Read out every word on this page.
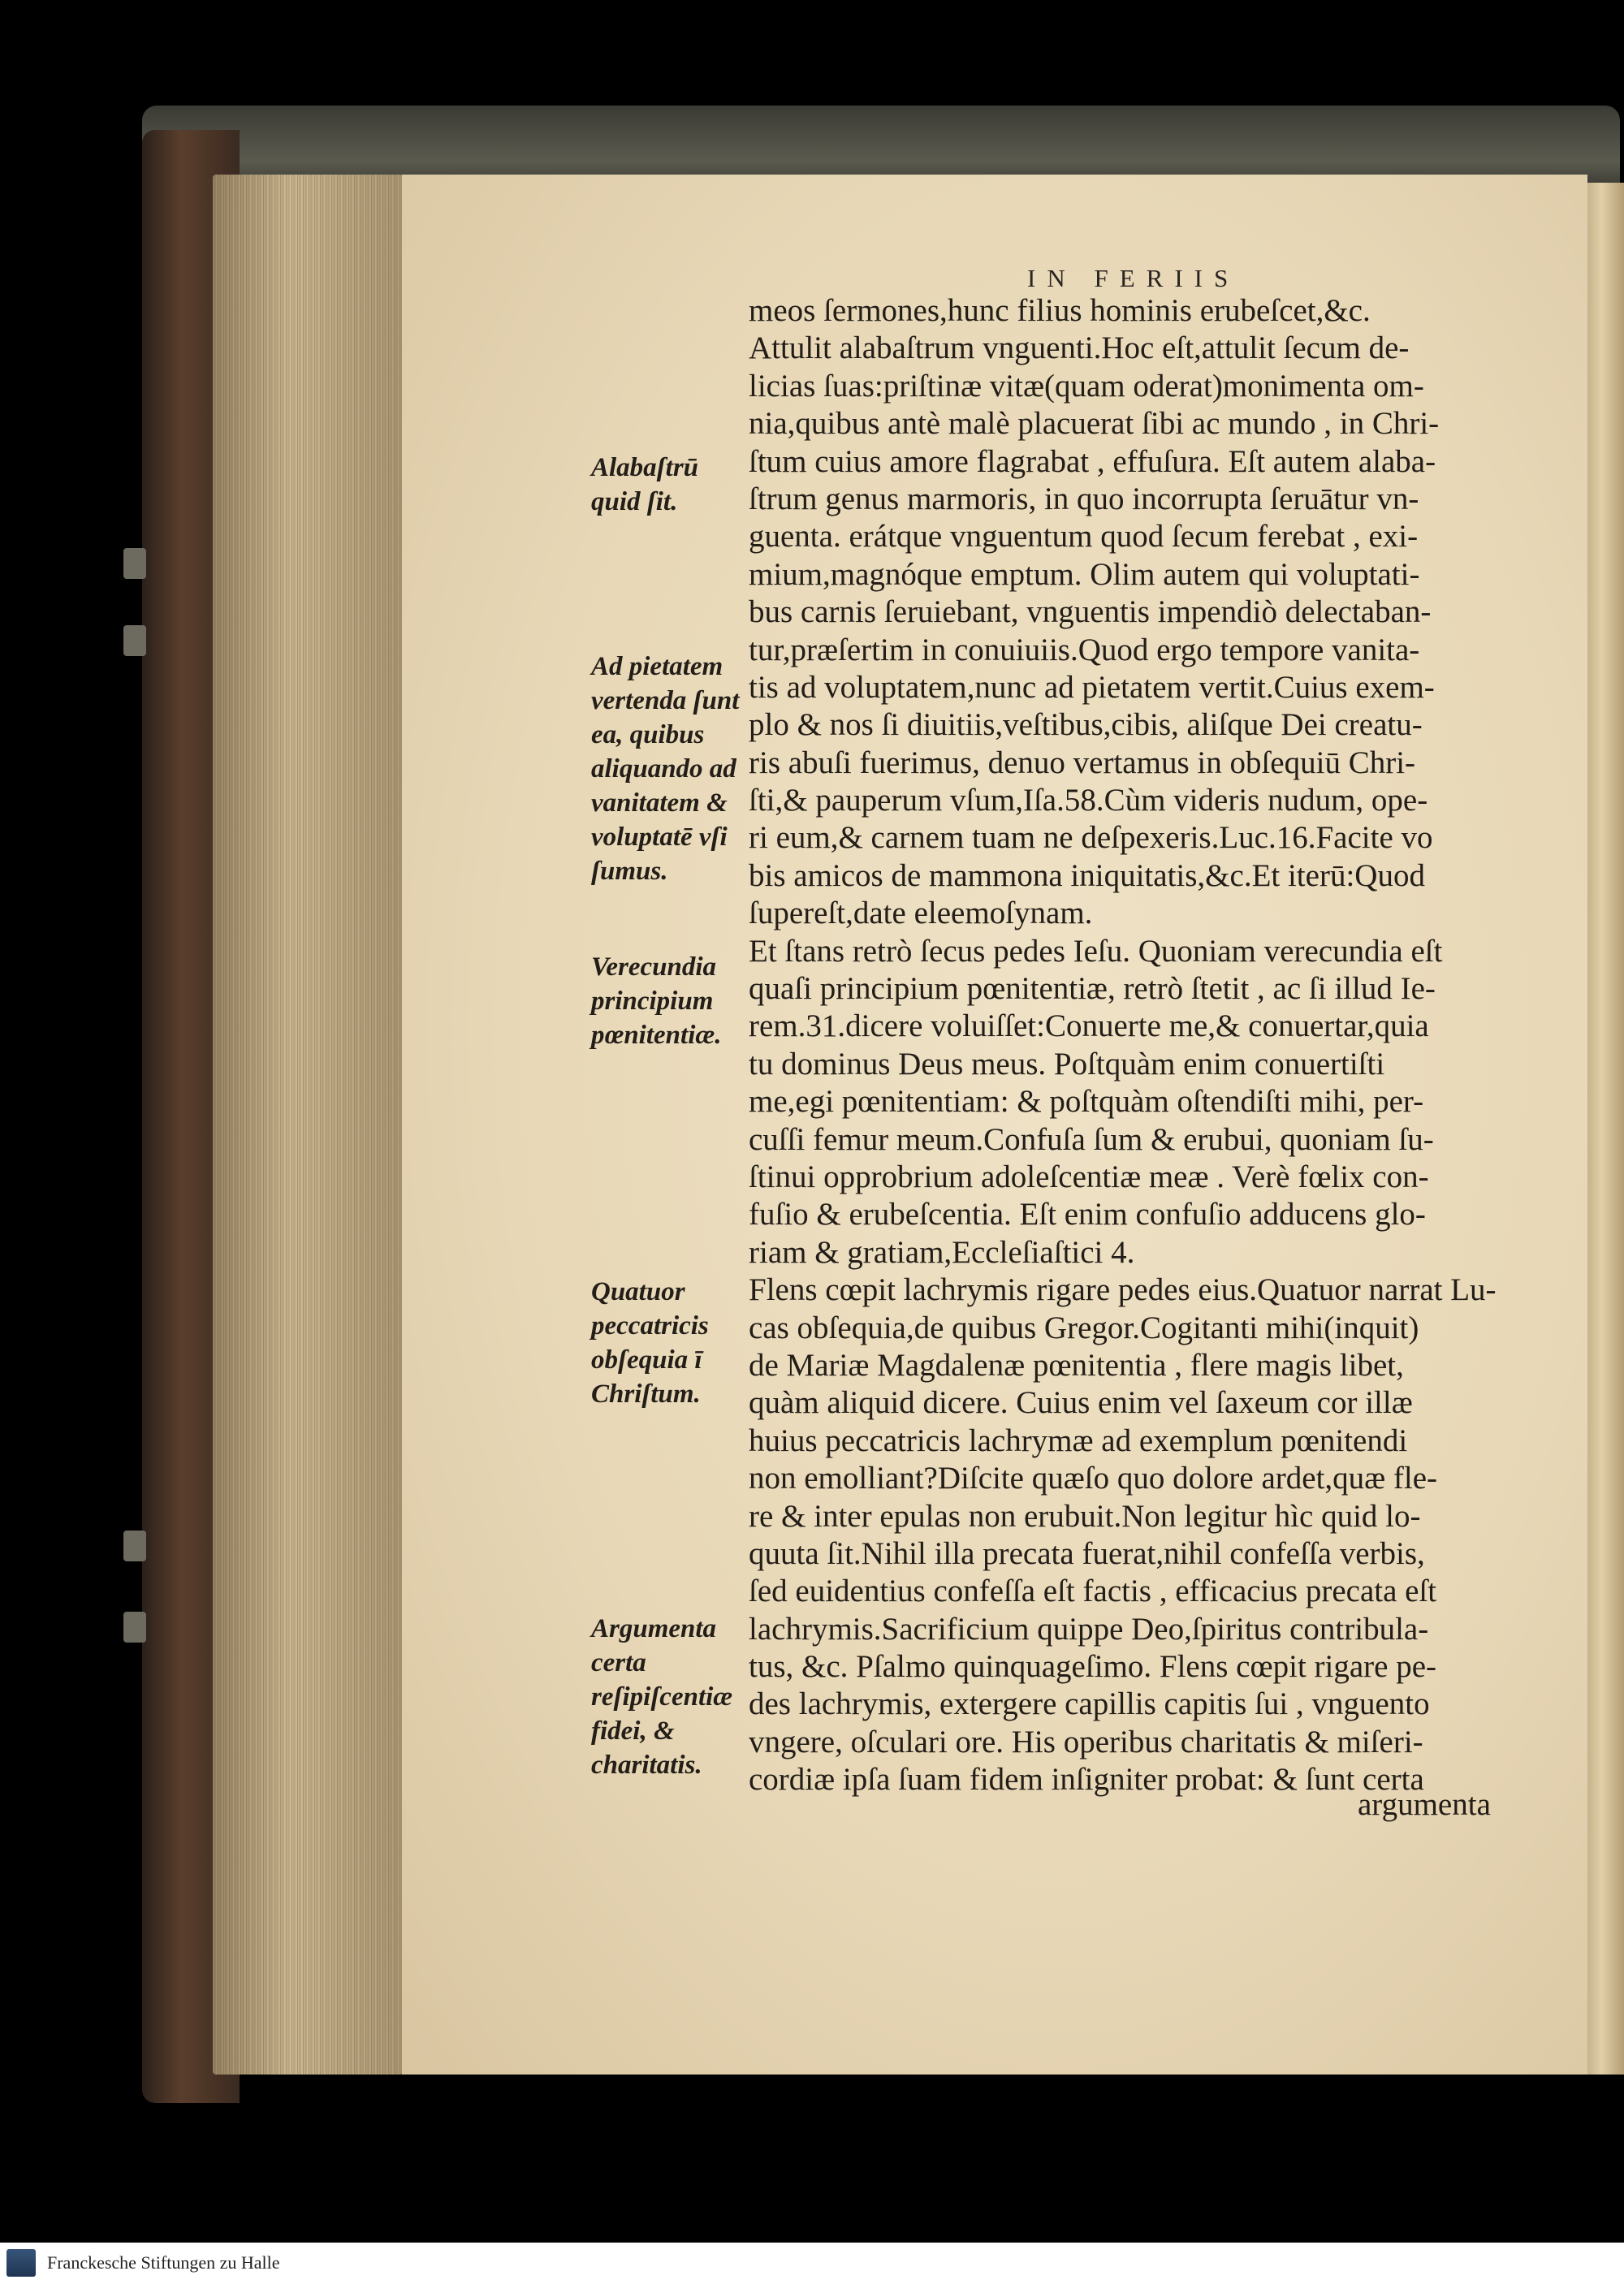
IN FERIIS
meos ſermones,hunc filius hominis erubeſcet,&c.
Attulit alabaſtrum vnguenti.Hoc eſt,attulit ſecum de-
licias ſuas:priſtinæ vitæ(quam oderat)monimenta om-
nia,quibus antè malè placuerat ſibi ac mundo , in Chri-
ſtum cuius amore flagrabat , effuſura. Eſt autem alaba-
ſtrum genus marmoris, in quo incorrupta ſeruātur vn-
guenta. erátque vnguentum quod ſecum ferebat , exi-
mium,magnóque emptum. Olim autem qui voluptati-
bus carnis ſeruiebant, vnguentis impendiò delectaban-
tur,præſertim in conuiuiis.Quod ergo tempore vanita-
tis ad voluptatem,nunc ad pietatem vertit.Cuius exem-
plo & nos ſi diuitiis,veſtibus,cibis, aliſque Dei creatu-
ris abuſi fuerimus, denuo vertamus in obſequiū Chri-
ſti,& pauperum vſum,Iſa.58.Cùm videris nudum, ope-
ri eum,& carnem tuam ne deſpexeris.Luc.16.Facite vo
bis amicos de mammona iniquitatis,&c.Et iterū:Quod
ſupereſt,date eleemoſynam.
Et ſtans retrò ſecus pedes Ieſu. Quoniam verecundia eſt
quaſi principium pœnitentiæ, retrò ſtetit , ac ſi illud Ie-
rem.31.dicere voluiſſet:Conuerte me,& conuertar,quia
tu dominus Deus meus. Poſtquàm enim conuertiſti
me,egi pœnitentiam: & poſtquàm oſtendiſti mihi, per-
cuſſi femur meum.Confuſa ſum & erubui, quoniam ſu-
ſtinui opprobrium adoleſcentiæ meæ . Verè fœlix con-
fuſio & erubeſcentia. Eſt enim confuſio adducens glo-
riam & gratiam,Eccleſiaſtici 4.
Flens cœpit lachrymis rigare pedes eius.Quatuor narrat Lu-
cas obſequia,de quibus Gregor.Cogitanti mihi(inquit)
de Mariæ Magdalenæ pœnitentia , flere magis libet,
quàm aliquid dicere. Cuius enim vel ſaxeum cor illæ
huius peccatricis lachrymæ ad exemplum pœnitendi
non emolliant?Diſcite quæſo quo dolore ardet,quæ fle-
re & inter epulas non erubuit.Non legitur hìc quid lo-
quuta ſit.Nihil illa precata fuerat,nihil confeſſa verbis,
ſed euidentius confeſſa eſt factis , efficacius precata eſt
lachrymis.Sacrificium quippe Deo,ſpiritus contribula-
tus, &c. Pſalmo quinquageſimo. Flens cœpit rigare pe-
des lachrymis, extergere capillis capitis ſui , vnguento
vngere, oſculari ore. His operibus charitatis & miſeri-
cordiæ ipſa ſuam fidem inſigniter probat: & ſunt certa
argumenta
Alabaſtrū quid ſit.
Ad pietatem vertenda ſunt ea, quibus aliquando ad vanitatem & voluptatē vſi ſumus.
Verecundia principium pœnitentiæ.
Quatuor peccatricis obſequia ī Chriſtum.
Argumenta certa reſipiſcentiæ fidei, & charitatis.
Franckesche Stiftungen zu Halle
